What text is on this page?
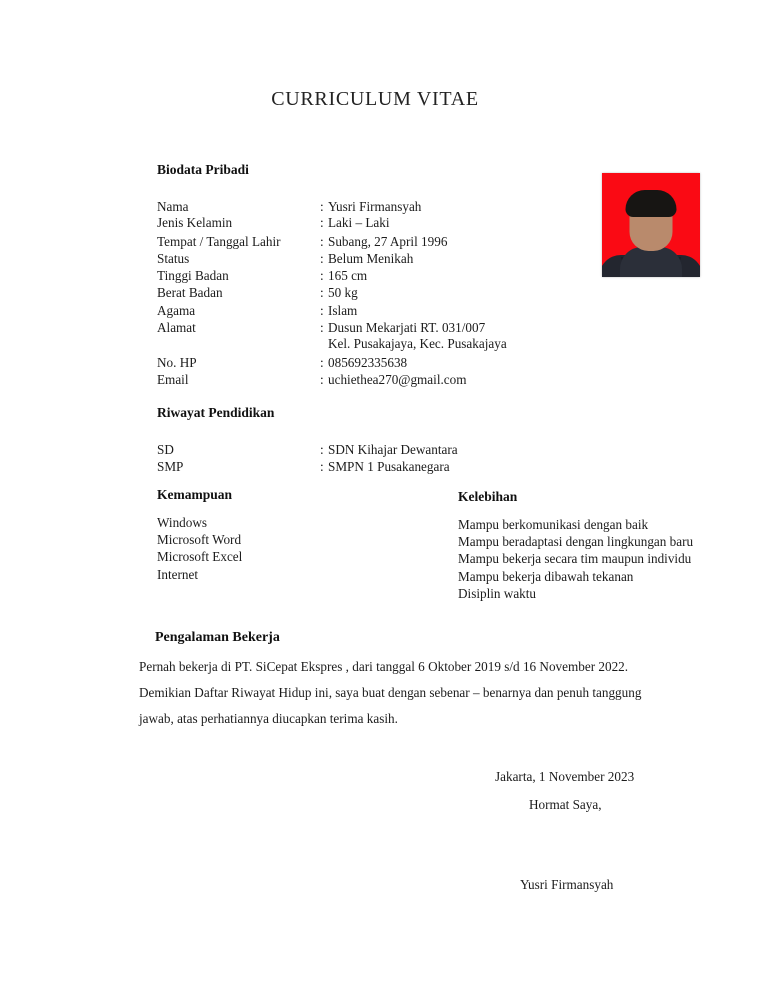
CURRICULUM VITAE
Biodata Pribadi
Nama	: Yusri Firmansyah
Jenis Kelamin	: Laki – Laki
Tempat / Tanggal Lahir	: Subang, 27 April 1996
Status	: Belum Menikah
Tinggi Badan	: 165 cm
Berat Badan	: 50 kg
Agama	: Islam
Alamat	: Dusun Mekarjati RT. 031/007
Kel. Pusakajaya, Kec. Pusakajaya
No. HP	: 085692335638
Email	: uchiethea270@gmail.com
Riwayat Pendidikan
SD	: SDN Kihajar Dewantara
SMP	: SMPN 1 Pusakanegara
Kemampuan
Windows
Microsoft Word
Microsoft Excel
Internet
Kelebihan
Mampu berkomunikasi dengan baik
Mampu beradaptasi dengan lingkungan baru
Mampu bekerja secara tim maupun individu
Mampu bekerja dibawah tekanan
Disiplin waktu
Pengalaman Bekerja
Pernah bekerja di PT. SiCepat Ekspres , dari tanggal 6 Oktober 2019 s/d 16 November 2022.
Demikian Daftar Riwayat Hidup ini, saya buat dengan sebenar – benarnya dan penuh tanggung
jawab, atas perhatiannya diucapkan terima kasih.
Jakarta, 1 November 2023
Hormat Saya,
Yusri Firmansyah
